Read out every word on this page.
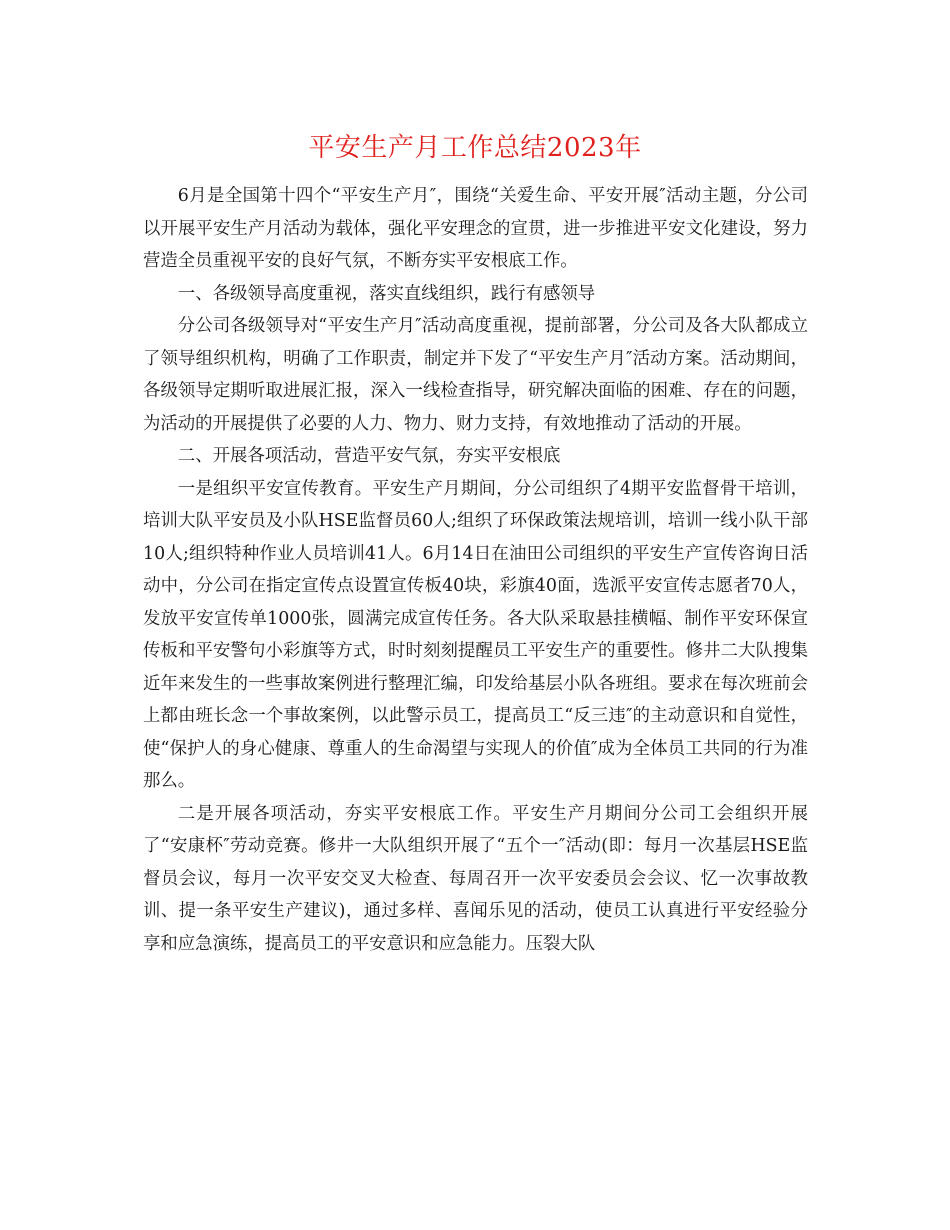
平安生产月工作总结2023年

6月是全国第十四个“平安生产月″，围绕“关爱生命、平安开展″活动主题，分公司以开展平安生产月活动为载体，强化平安理念的宣贯，进一步推进平安文化建设，努力营造全员重视平安的良好气氛，不断夯实平安根底工作。

一、各级领导高度重视，落实直线组织，践行有感领导

分公司各级领导对“平安生产月″活动高度重视，提前部署，分公司及各大队都成立了领导组织机构，明确了工作职责，制定并下发了“平安生产月″活动方案。活动期间，各级领导定期听取进展汇报，深入一线检查指导，研究解决面临的困难、存在的问题，为活动的开展提供了必要的人力、物力、财力支持，有效地推动了活动的开展。

二、开展各项活动，营造平安气氛，夯实平安根底

一是组织平安宣传教育。平安生产月期间，分公司组织了4期平安监督骨干培训，培训大队平安员及小队HSE监督员60人;组织了环保政策法规培训，培训一线小队干部10人;组织特种作业人员培训41人。6月14日在油田公司组织的平安生产宣传咨询日活动中，分公司在指定宣传点设置宣传板40块，彩旗40面，选派平安宣传志愿者70人，发放平安宣传单1000张，圆满完成宣传任务。各大队采取悬挂横幅、制作平安环保宣传板和平安警句小彩旗等方式，时时刻刻提醒员工平安生产的重要性。修井二大队搜集近年来发生的一些事故案例进行整理汇编，印发给基层小队各班组。要求在每次班前会上都由班长念一个事故案例，以此警示员工，提高员工“反三违″的主动意识和自觉性，使“保护人的身心健康、尊重人的生命渴望与实现人的价值″成为全体员工共同的行为准那么。

二是开展各项活动，夯实平安根底工作。平安生产月期间分公司工会组织开展了“安康杯″劳动竞赛。修井一大队组织开展了“五个一″活动(即：每月一次基层HSE监督员会议，每月一次平安交叉大检查、每周召开一次平安委员会会议、忆一次事故教训、提一条平安生产建议)，通过多样、喜闻乐见的活动，使员工认真进行平安经验分享和应急演练，提高员工的平安意识和应急能力。压裂大队
